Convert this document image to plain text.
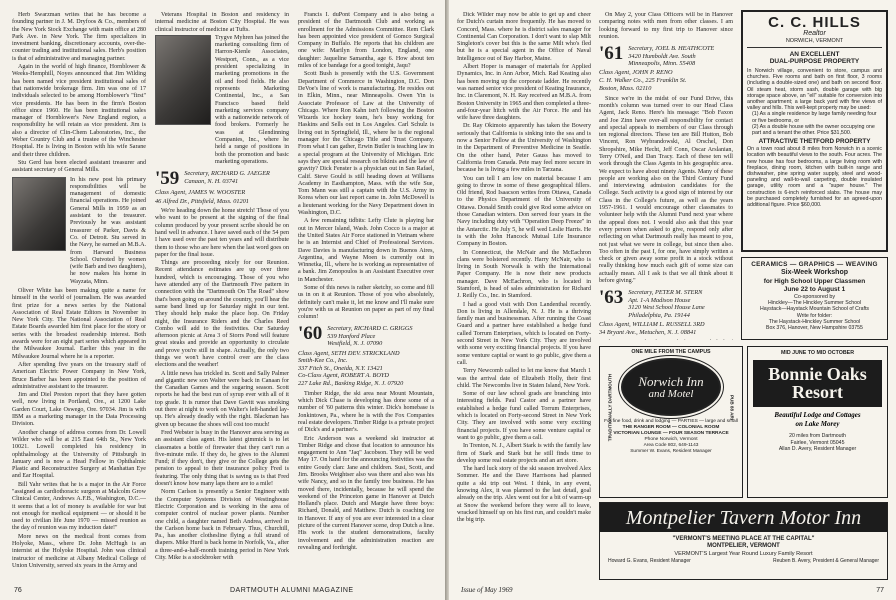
Herb Swarzman writes that he has become a founding partner in J. M. Dryfoos & Co., members of the New York Stock Exchange with main office at 280 Park Ave. in New York. The firm specializes in investment banking, discretionary accounts, over-the-counter trading and institutional sales. Herb's position is that of administrative and managing partner.

Again in the world of high finance, Hornblower & Weeks-Hemphill, Noyes announced that Jim Wilding has been named vice president institutional sales of that nationwide brokerage firm. Jim was one of 17 individuals selected to be among Hornblower's "first" vice presidents. He has been in the firm's Boston office since 1960. He has been institutional sales manager of Hornblower's New England region, a responsibility he will retain as vice president. Jim is also a director of Clin-Chem Laboratories, Inc., the Weber Country Club and a trustee of the Winchester Hospital. He is living in Boston with his wife Sarane and their three children.

Stu Gerd has been elected assistant treasurer and assistant secretary of General Mills.

In his new post his primary responsibilities will be management of domestic financial operations. He joined General Mills in 1959 as an assistant to the treasurer. Previously he was assistant treasurer of Parker, Davis & Co. of Detroit. Stu served in the Navy, he earned an M.B.A. from Harvard Business School. Outvoted by women (wife Barb and two daughters), he now makes his home in Wayzata, Minn.

Oliver White has been making quite a name for himself in the world of journalism. He was awarded first prize for a news series by the National Association of Real Estate Editors in November in New York City. The National Association of Real Estate Boards awarded him first place for the story or series with the broadest readership interest. Both awards were for an eight part series which appeared in the Milwaukee Journal. Earlier this year in the Milwaukee Journal where he is a reporter.

After spending five years on the treasury staff of American Electric Power Company in New York, Bruce Barber has been appointed to the position of administrative assistant to the treasurer.

Jim and Diel Preston report that they have gotten well, now living in Portland, Ore., at 1200 Lake Garden Court, Lake Oswego, Ore. 97034. Jim is with IBM as a marketing manager in the Data Processing Division.

Another change of address comes from Dr. Lowell Wilder who will be at 215 East 64th St., New York 10021. Lowell completed his residency in ophthalmology at the University of Pittsburgh in January and is now a Head Fellow in Ophthalmic Plastic and Reconstructive Surgery at Manhattan Eye and Ear Hospital.

Bill Yahr writes that he is a major in the Air Force "assigned as cardiothoracic surgeon at Malcolm Grow Clinical Center, Andrews A.F.B., Washington, D.C.—it seems that a lot of money is available for war but not enough for medical equipment — or should it be used to civilian life June 1970 — missed reunion as the day of reunion was my induction date!"

More news on the medical front comes from Holyoke, Mass., where Dr. John McHugh is an internist at the Holyoke Hospital. John was clinical instructor of medicine at Albany Medical College of Union University, served six years in the Army and

Veterans Hospital in Boston and residency in internal medicine at Boston City Hospital. He was clinical instructor of medicine at Tufts.

Trygve Myhren has joined the marketing consulting firm of Harron-Kienle Associates, Westport, Conn., as a vice president specializing in marketing promotions in the oil and food fields. He also represents Marketing Continental, Inc., a San Francisco based field marketing services company with a nationwide network of food brokers. Formerly he was at Glendinning Companies, Inc., where he held a range of positions in both the promotion and basic marketing operations.

'59 Secretary, RICHARD G. JAEGER
Canaan, N. H. 03741
Class Agent, JAMES W. WOOSTER
46 Alfred Dr., Pittsfield, Mass. 01201

We're heading down the home stretch! Those of you who want to be present at the signing of the final column produced by your present scribe should be on hand well in advance. I have saved each of the 54 pen I have used over the past ten years and will distribute them to those who are here when the last word goes on paper for the final issue.

Things are proceeding nicely for our Reunion. Recent attendance estimates are up over three hundred, which is encouraging. Those of you who have attended any of the Dartmouth Five pattern in connection with the "Dartmouth On The Road" show that's been going on around the country, you'll hear the same band lined up for Saturday night in our tent. They should help make the place hop. On Friday night, the Insurance Riders and the Charles Reed Combo will add to the festivities. Our Saturday afternoon picnic at Area 3 of Storrs Pond will feature great steaks and provide an opportunity to circulate and prove you're still in shape. Actually, the only two things we won't have control over are the class elections and the weather!

A little news has trickled in. Scott and Sally Palmer and gigantic new son Walter were back in Canaan for the Canadian Games and the sugaring season. Scott reports he had the best run of syrup ever with all of it top grade. It is rumor that Dave Gavitt was smoking out there at night to work on Walter's left-handed lay-up. He's already deadly with the right. Blackman has given up because the shoes will cost too much!

Fred Webster is busy in the Hanover area serving as an assistant class agent. His latest gimmick is to let classmates a bottle of firewater that they can't run a five-minute mile. If they do, he gives to the Alumni Fund; if they don't, they give or the College gets the pension to appeal to their insurance policy Fred is featuring. The only thing that is saving us is that Fred doesn't know how many laps there are to a mile!

Norm Carlson is presently a Senior Engineer with the Computer Systems Division of Westinghouse Electric Corporation and is working in the area of computer control of nuclear power plants. Number one child, a daughter named Beth Andrea, arrived in the Carlson home back in February. Thus, Churchill, Pa., has another clothesline flying a full strand of diapers. Mike Hurd is back home in Norfolk, Va., after a three-and-a-half-month training period in New York City. Mike is a stockbroker with

Francis I. duPont Company and is also being a president of the Dartmouth Club and working as enrollment for the Admissions Committee. Rem Clark has been appointed vice president of Gomco Surgical Company in Buffalo. He reports that his children are one wife: Marilyn from London, England, one daughter: Jaqueline Samantha, age 6. How about ten miles of ice bandage for a good tonight, Jaqu?

Scott Bush is presently with the U.S. Government Department of Commerce in Washington, D.C. Don DeVoe's line of work is manufacturing. He resides out in Elkin, Minn., near Minneapolis. Owen Yin is Associate Professor of Law at the University of Chicago. Where Ron Kahn isn't following the Boston Wizards ice hockey team, he's busy working for Haskins and Sells out in Los Angeles. Carl Schulz is living out in Springfield, Ill., where he is the regional manager for the Chicago Title and Trust Company. From what I can gather, Erwin Butler is teaching law in a special program at the University of Michigan. Eric says they are special research on bikinis and the law of gravity? Dick Fenster is a physician out in San Rafael, Calif. Steve Gould is still heading down at Williams Academy in Easthampton, Mass. with the wife Sue, Tom Mann was still a captain with the U.S. Army in Korea when our last report came in. John McDowell is a lieutenant working for the Navy Department down in Washington, D.C.

A few remaining tidbits: Lefty Clute is playing bar out in Mercer Island, Wash. John Cocco is a major at the United States Air Force stationed in Vietnam where he is an Internist and Chief of Professional Services. Dave Davies is manufacturing down in Buenos Aires, Argentina, and Wayne Moen is currently out in Winnetka, Ill., where he is working as representative of a bank. Jim Zenopoulos is an Assistant Executive over in Manchester.

Some of this news is rather sketchy, so come and fill us in on it at Reunion. Those of you who absolutely, definitely can't make it, let me know and I'll make sure you're with us at Reunion on paper as part of my final column!

'60 Secretary, RICHARD C. GRIGGS
539 Hanford Place
Westfield, N. J. 07090
Class Agent, SETH DEV. STRICKLAND
Smith-Kee Co., Inc.
337 Fitch St., Oneida, N.Y. 13421
Co-Class Agent, ROBERT A. BOYD
227 Lake Rd., Basking Ridge, N. J. 07920

Timber Ridge, the ski area near Mount Mountain, which Dick Chase is developing has done some of a number of '60 patterns this winter. Dick's homebase is Jonkintown, Pa., where he is with the Fox Companies real estate developers. Timber Ridge is a private project of Dick's and a partner's.

Eric Anderson was a weekend ski instructor at Timber Ridge and chose that location to announce his engagement to Ann "Jaq" Jacobson. They will be wed May 17. On hand for the announcing festivities was the entire Goudy clan: Jane and children. Susi, Scott, and Jim. Brooks Weightser also was there and also was his wife Nancy, and so in the family tree business. He has moved there, incidentally, because he will spend the weekend of the Princeton game in Hanover at Dutch Holland's place. Dutch and Margie have three boys: Richard, Donald, and Matthew. Dutch is coaching ice in Hanover. If any of you are ever interested in a clear picture of the current Hanover scene, drop Dutch a line. His work is the student demonstrations, faculty involvement and the administration reaction are revealing and forthright.

76	DARTMOUTH ALUMNI MAGAZINE

Dick Wilder may now be able to get up and cheer for Dutch's curtain more frequently. He has moved to Concord, Mass. where he is district sales manager for Continental Can Corporation. I don't want to slap Milt Singleton's cover but this is the same Milt who's fled but he is a special agent in the Office of Naval Intelligence out of Bay Harbor, Maine.

Albert Hoper is manager of materials for Applied Dynamics, Inc. in Ann Arbor, Mich. Rad Keating also has been moving up the corporate ladder. He recently was named senior vice president of Keating Insurance, Inc. in Claremont, N. H. Ray received an M.B.A. from Boston University in 1965 and then completed a three-and-four-year hitch with the Air Force. He and his wife have three daughters.

Dr. Ray Okimoto apparently has taken the Bowery seriously that California is sinking into the sea and is now a Senior Fellow at the University of Washington in the Department of Preventive Medicine in Seattle. On the other hand, Peter Gauss has moved to California from Canada. Pete may feel more secure in because he is living a few miles in Tarzana.

You can tell I am low on material because I am going to throw in some of these geographical fillers. Old friend, Rod Isaacson writes from Ottawa, Canada to the Physics Department of the University of Ottawa. Donald Smith could give Rod some advice on those Canadian winters. Don served four years in the Navy including duty with "Operation Deep Freeze" in the Antarctic. He July 5, he will wed Leslie Harris. He is with the John Hancock Mutual Life Insurance Company in Boston.

In Connecticut, the McNair and the McEachron clans were bolstered recently. Harry McNair, who is living in South Norwalk is with the International Paper Company. He is now their new products manager. Dave McEachron, who is located in Stamford, is head of sales administration for Richard J. Reilly Co., Inc. in Stamford.

I had a good visit with Don Landenthal recently. Don is living in Allendale, N. J. He is a thriving family man and businessman. After running the Coast Guard and a partner have established a hedge fund called Torrum Enterprises, which is located on Forty-second Street in New York City. They are involved with some very exciting financial projects. If you have some venture capital or want to go public, give them a call.

Terry Newcomb called to let me know that March 1 was the arrival date of Elizabeth Holly, their first child. The Newcombs live in Staten Island, New York.

Some of our law school grads are branching into interesting fields. Paul Castor and a partner have established a hedge fund called Torrum Enterprises, which is located on Forty-second Street in New York City. They are involved with some very exciting financial projects. If you have some venture capital or want to go public, give them a call.

In Trenton, N. J., Albert Stark is with the family law firm of Stark and Stark but he still finds time to develop some real estate projects and an art store.

The hard luck story of the ski season involved Alex Sommer. He and the Dave Harrisons had planned quite a ski trip out West. I think, in any event, knowing Alex, it was planned to the last detail, goal already on the trip. Alex went out for a bit of warm-up at Snow the weekend before they were all to leave, wracked himself up on his first run, and couldn't make the big trip.

On May 2, your Class Officers will be in Hanover comparing notes with men from other classes. I am looking forward to my first trip to Hanover since reunion.

'61 Secretary, JOEL B. HEATHCOTE
3420 Humboldt Ave. South
Minneapolis, Minn. 55408
Class Agent, JOHN P. RENO
C. H. Walker Co., 225 Franklin St.
Boston, Mass. 02110

Since we're in the midst of our Fund Drive, this month's column was turned over to our Head Class Agent, Jack Reno. Here's his message: "Bob Faxon and Joe Zinn have over-all responsibility for contact and special appeals to members of our Class through ten regional directors. These ten are Bill Hutton, Bob Vincent, Ron Wybrandowski, Al Orschel, Don Shropshire, Mike Hecht, Jeff Conn, Oscar Arslanian, Terry O'Neil, and Dan Tracy. Each of these ten will work through the Class Agents in his geographic area. We expect to have about ninety Agents. Many of these people are working also on the Third Century Fund and interviewing admission candidates for the College. Such activity is a good sign of interest by our Class in the College's future, as well as the years 1957-1961. I would encourage other classmates to volunteer help with the Alumni Fund next year where the appeal does not. I would also ask that this year every person when asked to give, respond only after reflecting on what Dartmouth really has meant to you, not just what we were in college, but since then also. Too often in the past I, for one, have simply written a check or given away some profit in a stock without really thinking how much each gift of some size can actually mean. All I ask is that we all think about it before giving."

'63 Secretary, PETER M. STERN
Apt. 1-A Madison House
3120 West School House Lane
Philadelphia, Pa. 19144
Class Agent, WILLIAM L. RUSSELL 3RD
34 Bryant Ave., Metuchen, N. J. 08841

C. C. HILLS
Realtor
NORWICH, VERMONT
AN EXCELLENT
DUAL-PURPOSE PROPERTY
In Norwich village, convenient to store, campus and churches. Five rooms and bath on first floor, 3 rooms (including a double-sized one) and bath on second floor. Oil steam heat, storm sash, double garage with big storage space above, an "ell" suitable for conversion into another apartment; a large back yard with fine views of valley and hills. This well-kept property may be used:
(1) As a single residence by large family needing four or five bedrooms, or
(2) As a double house with the owner occupying one part and a tenant the other. Price $31,500.
ATTRACTIVE THETFORD PROPERTY
On a town road about 8 miles from Norwich in a scenic location with beautiful views to the south. Four acres. The new house has four bedrooms, a large living room with fireplace, dining room, kitchen with built-in range and dishwasher, pine spring water supply, steel and wood-paneling and wall-to-wall carpeting, double insulated garage, utility room and a "super house." The construction is 6-inch reinforced slabs. The house may be purchased completely furnished for an agreed-upon additional figure. Price $60,000.
CERAMICS — GRAPHICS — WEAVING
Six-Week Workshop
for High School Upper Classmen
June 22 to August 1
Co-sponsored by
Hinckley—The Hinckley Summer School
Haystack—Haystack Mountain School of Crafts
Write for folder:
The Haystack-Hinckley Summer School
Box 376, Hanover, New Hampshire 03755
ONE MILE FROM THE CAMPUS
TRADITIONALLY DARTMOUTH	PUB 88 ARI
Norwich Inn
and Motel
For fine food, drink and lodging — PARTIES — large and small
THE RANGER ROOM — COLONIAL ROOM
VICTORIAN LOUNGE — FOUR SEASON TERRACE
Phone Norwich, Vermont
Area Code 802, 649-1143
Summer W. Evans, Resident Manager
MID JUNE TO MID OCTOBER
Bonnie Oaks
Resort
Beautiful Lodge and Cottages
on Lake Morey
20 miles from Dartmouth
Fairlee, Vermont 05045
Allan D. Avery, Resident Manager
Montpelier Tavern Motor Inn
"VERMONT'S MEETING PLACE AT THE CAPITAL"
MONTPELIER, VERMONT
VERMONT'S Largest Year Round Luxury Family Resort
Howard G. Evans, Resident Manager	Reuben B. Avery, President & General Manager
Issue of May 1969	77
